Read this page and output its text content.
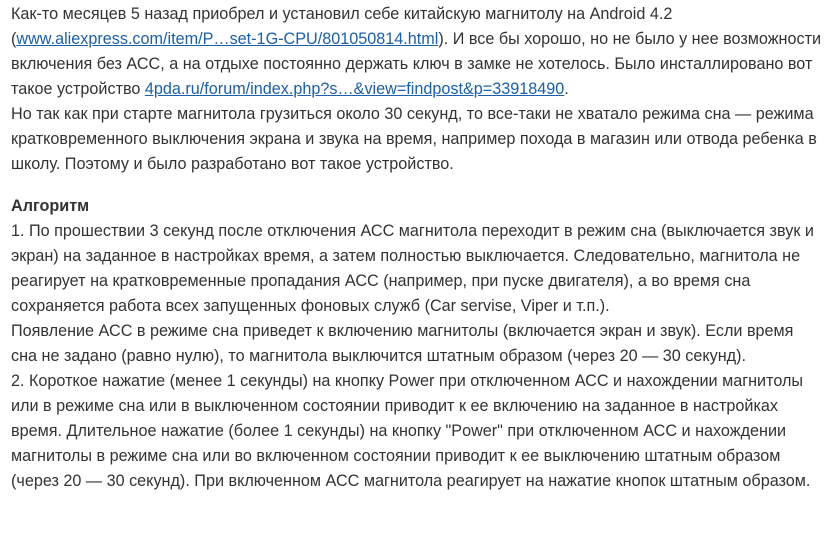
Как-то месяцев 5 назад приобрел и установил себе китайскую магнитолу на Android 4.2 (www.aliexpress.com/item/P…set-1G-CPU/801050814.html). И все бы хорошо, но не было у нее возможности включения без АСС, а на отдыхе постоянно держать ключ в замке не хотелось. Было инсталлировано вот такое устройство 4pda.ru/forum/index.php?s…&view=findpost&p=33918490.

Но так как при старте магнитола грузиться около 30 секунд, то все-таки не хватало режима сна — режима кратковременного выключения экрана и звука на время, например похода в магазин или отвода ребенка в школу. Поэтому и было разработано вот такое устройство.

Алгоритм

1. По прошествии 3 секунд после отключения АСС магнитола переходит в режим сна (выключается звук и экран) на заданное в настройках время, а затем полностью выключается. Следовательно, магнитола не реагирует на кратковременные пропадания АСС (например, при пуске двигателя), а во время сна сохраняется работа всех запущенных фоновых служб (Car servise, Viper и т.п.).

Появление АСС в режиме сна приведет к включению магнитолы (включается экран и звук). Если время сна не задано (равно нулю), то магнитола выключится штатным образом (через 20 — 30 секунд).

2. Короткое нажатие (менее 1 секунды) на кнопку Power при отключенном АСС и нахождении магнитолы или в режиме сна или в выключенном состоянии приводит к ее включению на заданное в настройках время. Длительное нажатие (более 1 секунды) на кнопку "Power" при отключенном АСС и нахождении магнитолы в режиме сна или во включенном состоянии приводит к ее выключению штатным образом (через 20 — 30 секунд). При включенном АСС магнитола реагирует на нажатие кнопок штатным образом.
